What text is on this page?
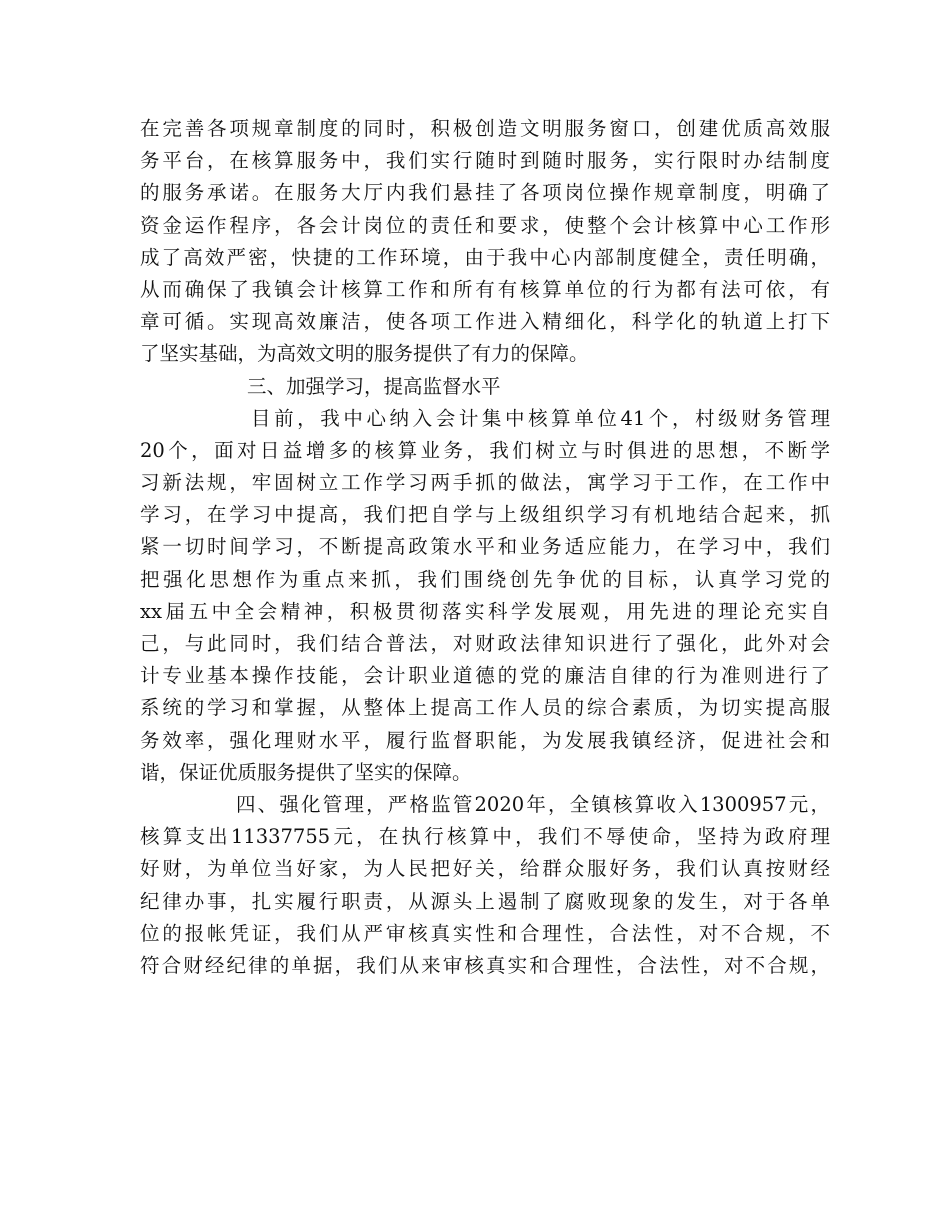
在完善各项规章制度的同时，积极创造文明服务窗口，创建优质高效服
务平台，在核算服务中，我们实行随时到随时服务，实行限时办结制度
的服务承诺。在服务大厅内我们悬挂了各项岗位操作规章制度，明确了
资金运作程序，各会计岗位的责任和要求，使整个会计核算中心工作形
成了高效严密，快捷的工作环境，由于我中心内部制度健全，责任明确，
从而确保了我镇会计核算工作和所有有核算单位的行为都有法可依，有
章可循。实现高效廉洁，使各项工作进入精细化，科学化的轨道上打下
了坚实基础，为高效文明的服务提供了有力的保障。
三、加强学习，提高监督水平
目前，我中心纳入会计集中核算单位41个，村级财务管理
20个，面对日益增多的核算业务，我们树立与时俱进的思想，不断学
习新法规，牢固树立工作学习两手抓的做法，寓学习于工作，在工作中
学习，在学习中提高，我们把自学与上级组织学习有机地结合起来，抓
紧一切时间学习，不断提高政策水平和业务适应能力，在学习中，我们
把强化思想作为重点来抓，我们围绕创先争优的目标，认真学习党的
xx届五中全会精神，积极贯彻落实科学发展观，用先进的理论充实自
己，与此同时，我们结合普法，对财政法律知识进行了强化，此外对会
计专业基本操作技能，会计职业道德的党的廉洁自律的行为准则进行了
系统的学习和掌握，从整体上提高工作人员的综合素质，为切实提高服
务效率，强化理财水平，履行监督职能，为发展我镇经济，促进社会和
谐，保证优质服务提供了坚实的保障。
四、强化管理，严格监管2020年，全镇核算收入1300957元，
核算支出11337755元，在执行核算中，我们不辱使命，坚持为政府理
好财，为单位当好家，为人民把好关，给群众服好务，我们认真按财经
纪律办事，扎实履行职责，从源头上遏制了腐败现象的发生，对于各单
位的报帐凭证，我们从严审核真实性和合理性，合法性，对不合规，不
符合财经纪律的单据，我们从来审核真实和合理性，合法性，对不合规，
